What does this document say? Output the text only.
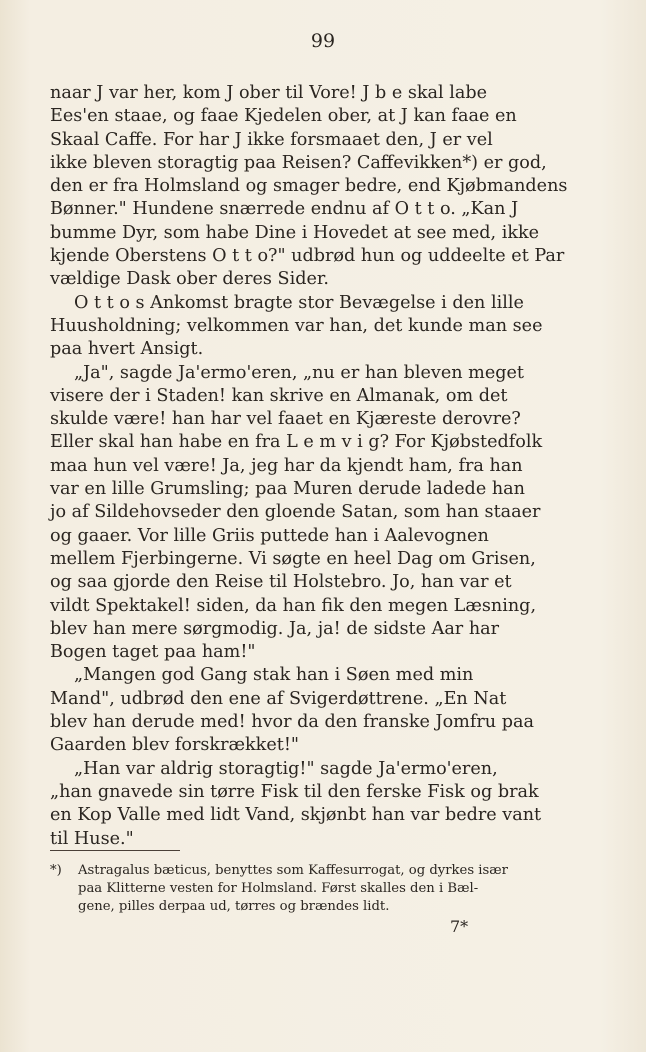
99

naar J var her, kom J ober til Vore! J b e skal labe

Ees'en staae, og faae Kjedelen ober, at J kan faae en

Skaal Caffe. For har J ikke forsmaaet den, J er vel

ikke bleven storagtig paa Reisen? Caffevikken*) er god,

den er fra Holmsland og smager bedre, end Kjøbmandens

Bønner." Hundene snærrede endnu af O t t o. „Kan J

bumme Dyr, som habe Dine i Hovedet at see med, ikke

kjende Oberstens O t t o?" udbrød hun og uddeelte et Par

vældige Dask ober deres Sider.

O t t o s Ankomst bragte stor Bevægelse i den lille

Huusholdning; velkommen var han, det kunde man see

paa hvert Ansigt.

„Ja", sagde Ja'ermo'eren, „nu er han bleven meget

visere der i Staden! kan skrive en Almanak, om det

skulde være! han har vel faaet en Kjæreste derovre?

Eller skal han habe en fra L e m v i g? For Kjøbstedfolk

maa hun vel være! Ja, jeg har da kjendt ham, fra han

var en lille Grumsling; paa Muren derude ladede han

jo af Sildehovseder den gloende Satan, som han staaer

og gaaer. Vor lille Griis puttede han i Aalevognen

mellem Fjerbingerne. Vi søgte en heel Dag om Grisen,

og saa gjorde den Reise til Holstebro. Jo, han var et

vildt Spektakel! siden, da han fik den megen Læsning,

blev han mere sørgmodig. Ja, ja! de sidste Aar har

Bogen taget paa ham!"

„Mangen god Gang stak han i Søen med min

Mand", udbrød den ene af Svigerdøttrene. „En Nat

blev han derude med! hvor da den franske Jomfru paa

Gaarden blev forskrækket!"

„Han var aldrig storagtig!" sagde Ja'ermo'eren,

„han gnavede sin tørre Fisk til den ferske Fisk og brak

en Kop Valle med lidt Vand, skjønbt han var bedre vant

til Huse."

*) Astragalus bæticus, benyttes som Kaffesurrogat, og dyrkes især

paa Klitterne vesten for Holmsland. Først skalles den i Bæl-

gene, pilles derpaa ud, tørres og brændes lidt.

7*
